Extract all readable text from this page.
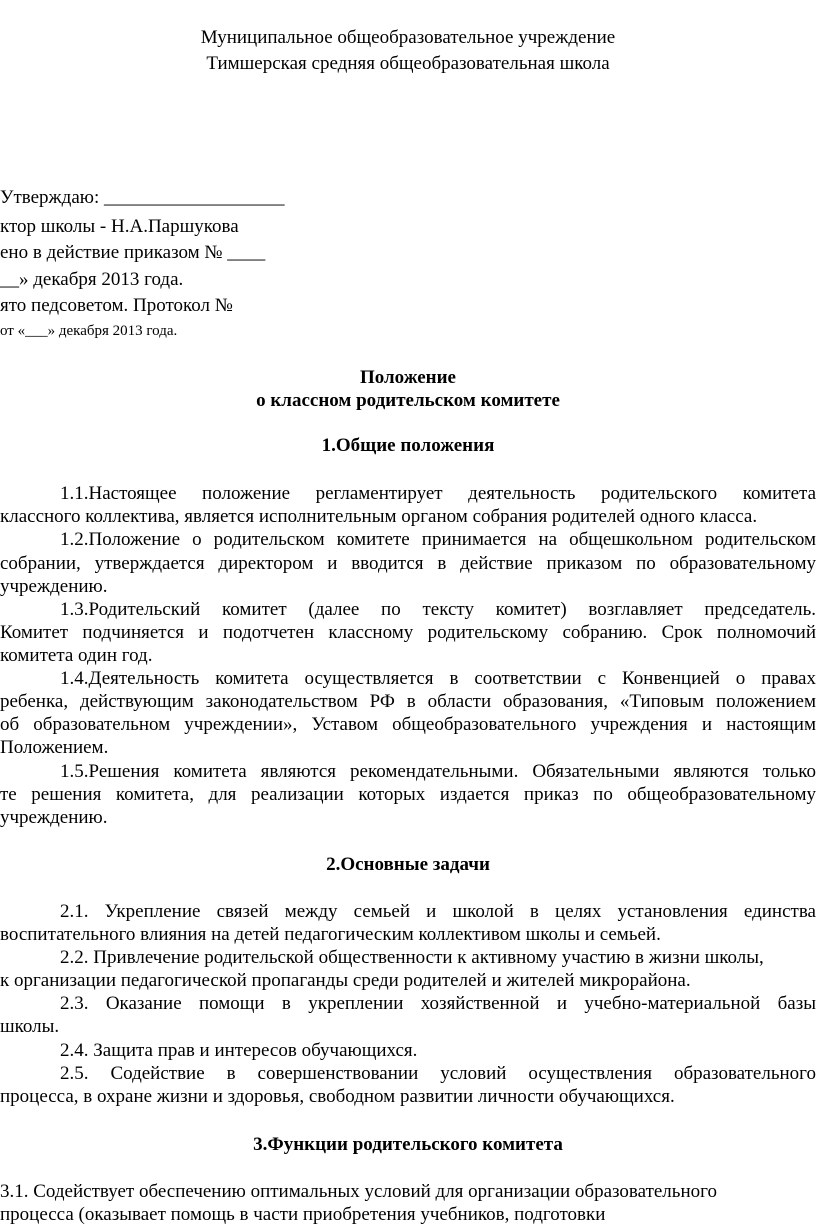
Муниципальное общеобразовательное учреждение
Тимшерская средняя общеобразовательная школа
Утверждаю: ___________________
ктор школы - Н.А.Паршукова
ено в действие приказом № ____
__» декабря 2013 года.
ято педсоветом. Протокол №
от «___» декабря 2013 года.
Положение
о классном родительском комитете
1.Общие положения
1.1.Настоящее положение регламентирует деятельность родительского комитета
классного коллектива, является исполнительным органом собрания родителей одного класса.
1.2.Положение о родительском комитете принимается на общешкольном родительском
собрании, утверждается директором и вводится в действие приказом по образовательному
учреждению.
1.3.Родительский комитет (далее по тексту комитет) возглавляет председатель.
Комитет подчиняется и подотчетен классному родительскому собранию. Срок полномочий
комитета один год.
1.4.Деятельность комитета осуществляется в соответствии с Конвенцией о правах
ребенка, действующим законодательством РФ в области образования, «Типовым положением
об образовательном учреждении», Уставом общеобразовательного учреждения и настоящим
Положением.
1.5.Решения комитета являются рекомендательными. Обязательными являются только
те решения комитета, для реализации которых издается приказ по общеобразовательному
учреждению.
2.Основные задачи
2.1. Укрепление связей между семьей и школой в целях установления единства
воспитательного влияния на детей педагогическим коллективом школы и семьей.
2.2. Привлечение родительской общественности к активному участию в жизни школы,
к организации педагогической пропаганды среди родителей и жителей микрорайона.
2.3. Оказание помощи в укреплении хозяйственной и учебно-материальной базы
школы.
2.4. Защита прав и интересов обучающихся.
2.5. Содействие в совершенствовании условий осуществления образовательного
процесса, в охране жизни и здоровья, свободном развитии личности обучающихся.
3.Функции родительского комитета
3.1. Содействует обеспечению оптимальных условий для организации образовательного
процесса (оказывает помощь в части приобретения учебников, подготовки
